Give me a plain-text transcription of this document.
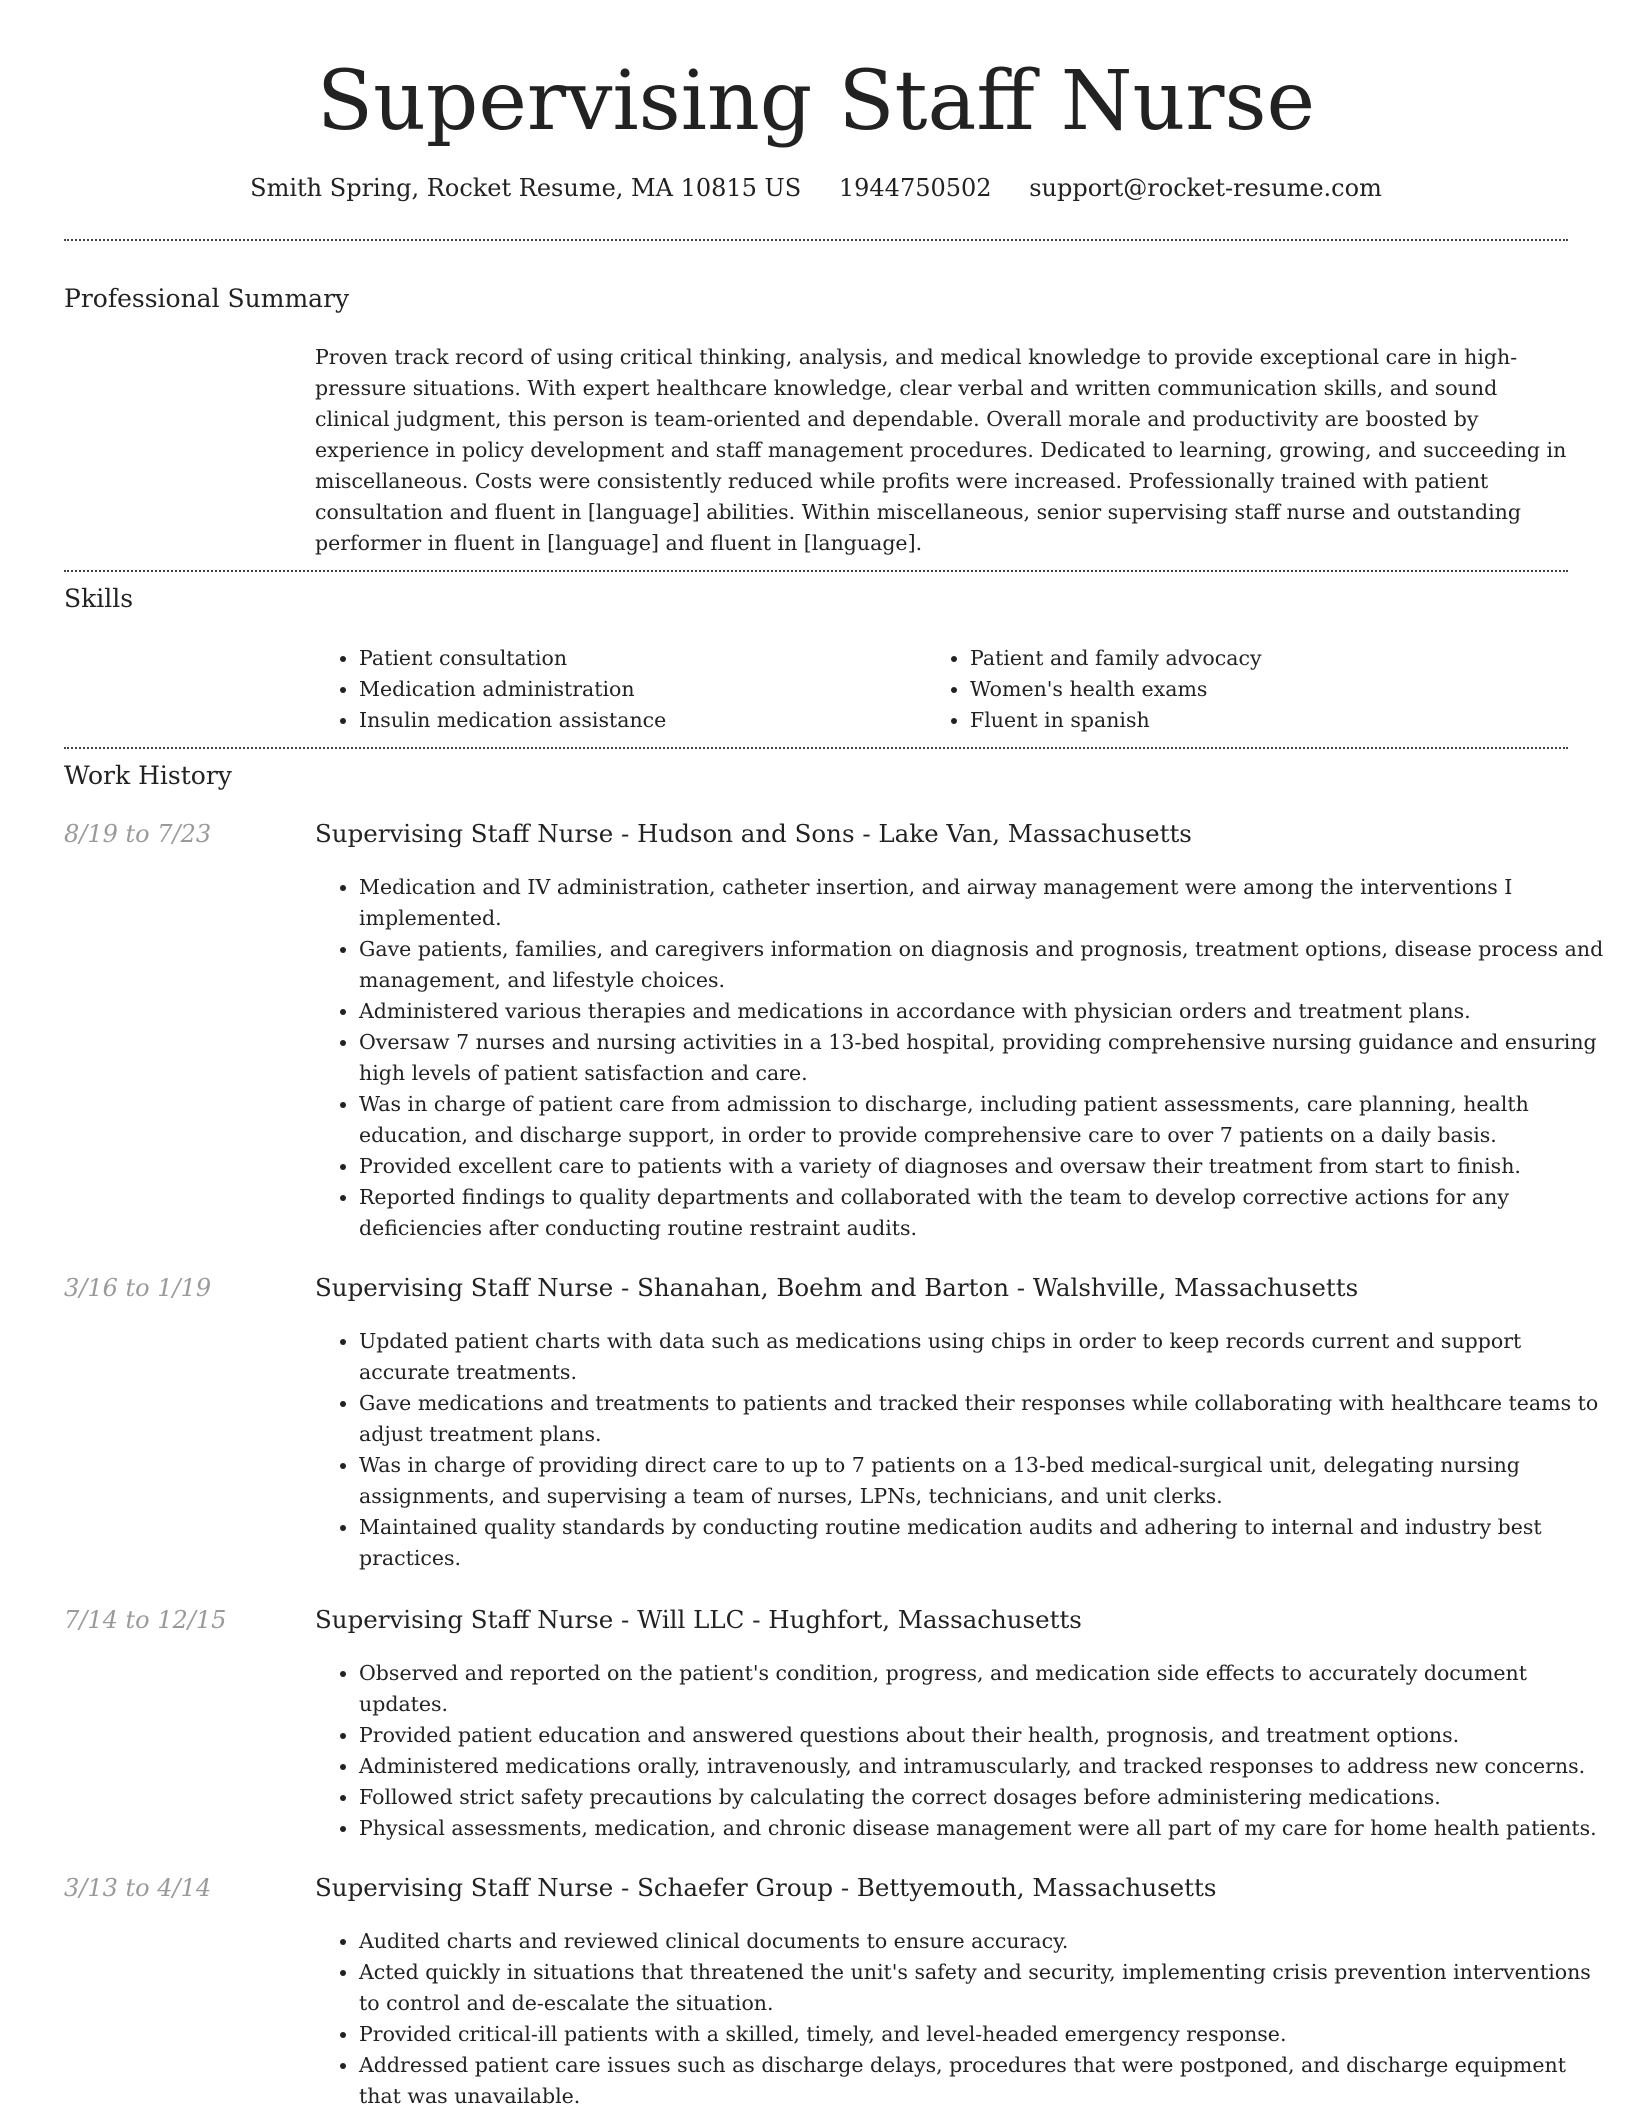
Supervising Staff Nurse
Smith Spring, Rocket Resume, MA 10815 US 1944750502 support@rocket-resume.com
Professional Summary

Proven track record of using critical thinking, analysis, and medical knowledge to provide exceptional care in high-pressure situations. With expert healthcare knowledge, clear verbal and written communication skills, and sound clinical judgment, this person is team-oriented and dependable. Overall morale and productivity are boosted by experience in policy development and staff management procedures. Dedicated to learning, growing, and succeeding in miscellaneous. Costs were consistently reduced while profits were increased. Professionally trained with patient consultation and fluent in [language] abilities. Within miscellaneous, senior supervising staff nurse and outstanding performer in fluent in [language] and fluent in [language].

Skills
• Patient consultation
• Medication administration
• Insulin medication assistance
• Patient and family advocacy
• Women's health exams
• Fluent in spanish
Work History
8/19 to 7/23	Supervising Staff Nurse - Hudson and Sons - Lake Van, Massachusetts
• Medication and IV administration, catheter insertion, and airway management were among the interventions I implemented.
• Gave patients, families, and caregivers information on diagnosis and prognosis, treatment options, disease process and management, and lifestyle choices.
• Administered various therapies and medications in accordance with physician orders and treatment plans.
• Oversaw 7 nurses and nursing activities in a 13-bed hospital, providing comprehensive nursing guidance and ensuring high levels of patient satisfaction and care.
• Was in charge of patient care from admission to discharge, including patient assessments, care planning, health education, and discharge support, in order to provide comprehensive care to over 7 patients on a daily basis.
• Provided excellent care to patients with a variety of diagnoses and oversaw their treatment from start to finish.
• Reported findings to quality departments and collaborated with the team to develop corrective actions for any deficiencies after conducting routine restraint audits.
3/16 to 1/19	Supervising Staff Nurse - Shanahan, Boehm and Barton - Walshville, Massachusetts
• Updated patient charts with data such as medications using chips in order to keep records current and support accurate treatments.
• Gave medications and treatments to patients and tracked their responses while collaborating with healthcare teams to adjust treatment plans.
• Was in charge of providing direct care to up to 7 patients on a 13-bed medical-surgical unit, delegating nursing assignments, and supervising a team of nurses, LPNs, technicians, and unit clerks.
• Maintained quality standards by conducting routine medication audits and adhering to internal and industry best practices.
7/14 to 12/15	Supervising Staff Nurse - Will LLC - Hughfort, Massachusetts
• Observed and reported on the patient's condition, progress, and medication side effects to accurately document updates.
• Provided patient education and answered questions about their health, prognosis, and treatment options.
• Administered medications orally, intravenously, and intramuscularly, and tracked responses to address new concerns.
• Followed strict safety precautions by calculating the correct dosages before administering medications.
• Physical assessments, medication, and chronic disease management were all part of my care for home health patients.
3/13 to 4/14	Supervising Staff Nurse - Schaefer Group - Bettyemouth, Massachusetts
• Audited charts and reviewed clinical documents to ensure accuracy.
• Acted quickly in situations that threatened the unit's safety and security, implementing crisis prevention interventions to control and de-escalate the situation.
• Provided critical-ill patients with a skilled, timely, and level-headed emergency response.
• Addressed patient care issues such as discharge delays, procedures that were postponed, and discharge equipment that was unavailable.
